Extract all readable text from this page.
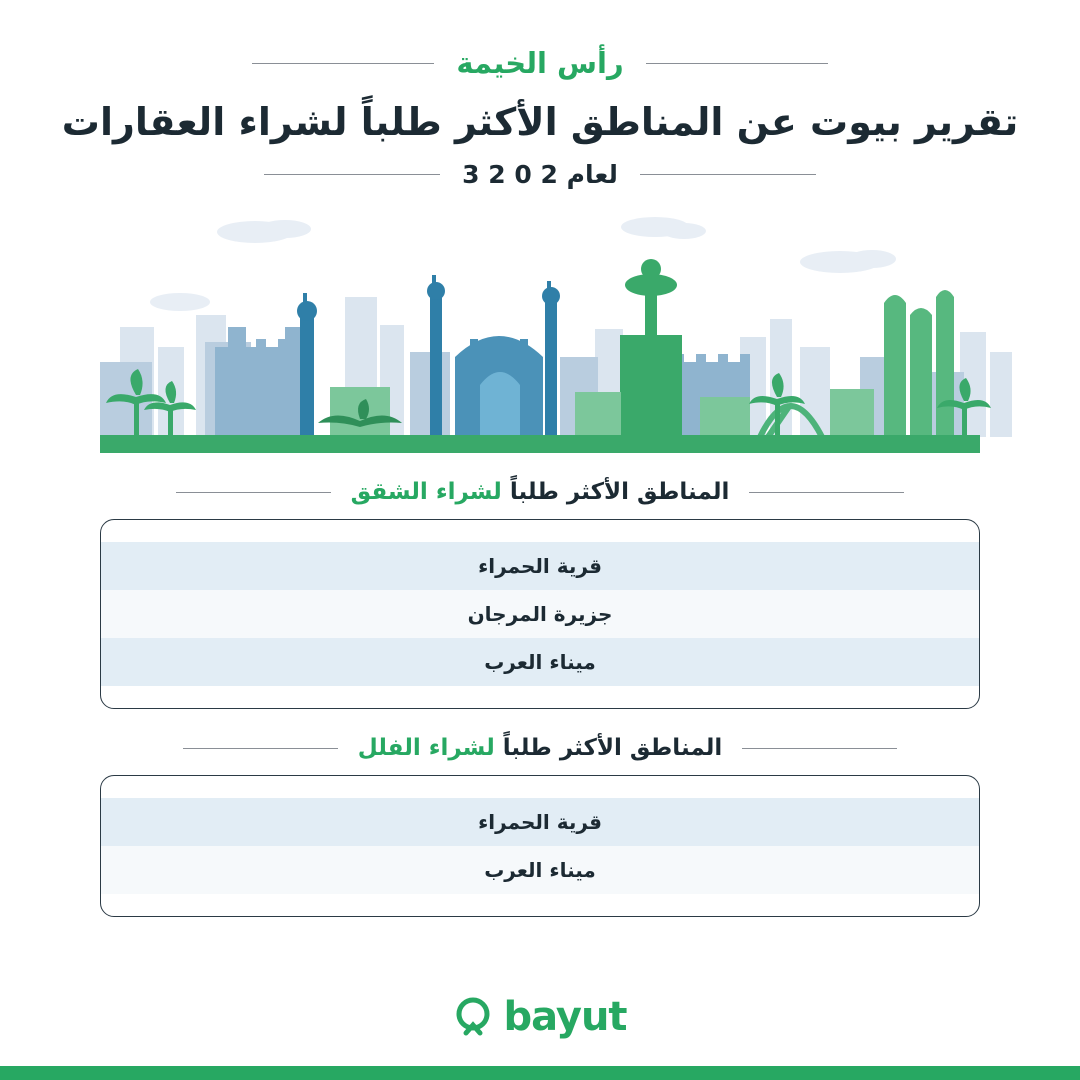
رأس الخيمة
تقرير بيوت عن المناطق الأكثر طلباً لشراء العقارات
لعام 2 0 2 3
المناطق الأكثر طلباً لشراء الشقق
قرية الحمراء
جزيرة المرجان
ميناء العرب
المناطق الأكثر طلباً لشراء الفلل
قرية الحمراء
ميناء العرب
bayut
